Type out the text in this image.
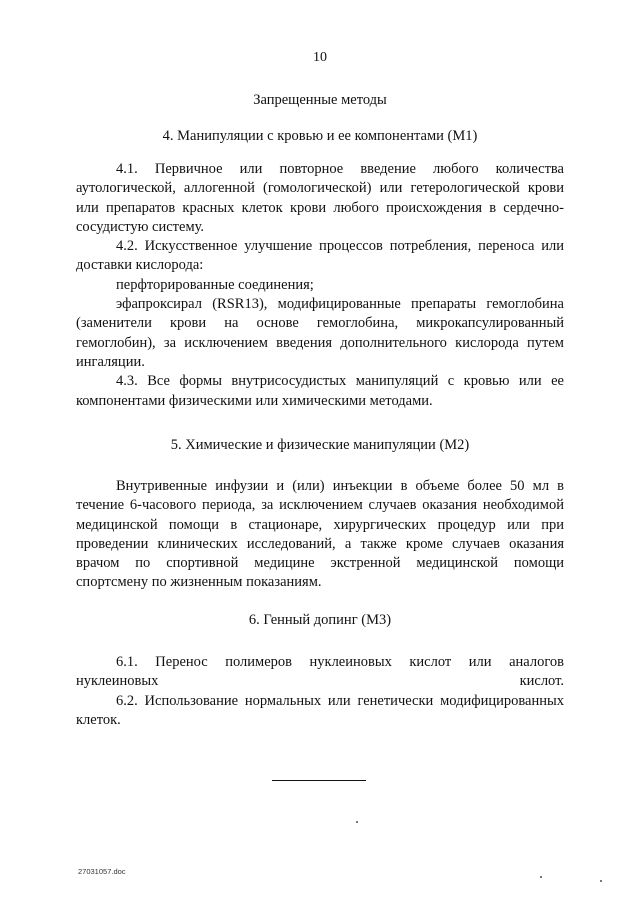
10
Запрещенные методы
4. Манипуляции с кровью и ее компонентами (M1)

4.1. Первичное или повторное введение любого количества аутологической, аллогенной (гомологической) или гетерологической крови или препаратов красных клеток крови любого происхождения в сердечно-сосудистую систему.

4.2. Искусственное улучшение процессов потребления, переноса или доставки кислорода:

перфторированные соединения;

эфапроксирал (RSR13), модифицированные препараты гемоглобина (заменители крови на основе гемоглобина, микрокапсулированный гемоглобин), за исключением введения дополнительного кислорода путем ингаляции.

4.3. Все формы внутрисосудистых манипуляций с кровью или ее компонентами физическими или химическими методами.

5. Химические и физические манипуляции (M2)

Внутривенные инфузии и (или) инъекции в объеме более 50 мл в течение 6-часового периода, за исключением случаев оказания необходимой медицинской помощи в стационаре, хирургических процедур или при проведении клинических исследований, а также кроме случаев оказания врачом по спортивной медицине экстренной медицинской помощи спортсмену по жизненным показаниям.

6. Генный допинг (M3)

6.1. Перенос полимеров нуклеиновых кислот или аналогов нуклеиновых кислот.

6.2. Использование нормальных или генетически модифицированных клеток.

27031057.doc
